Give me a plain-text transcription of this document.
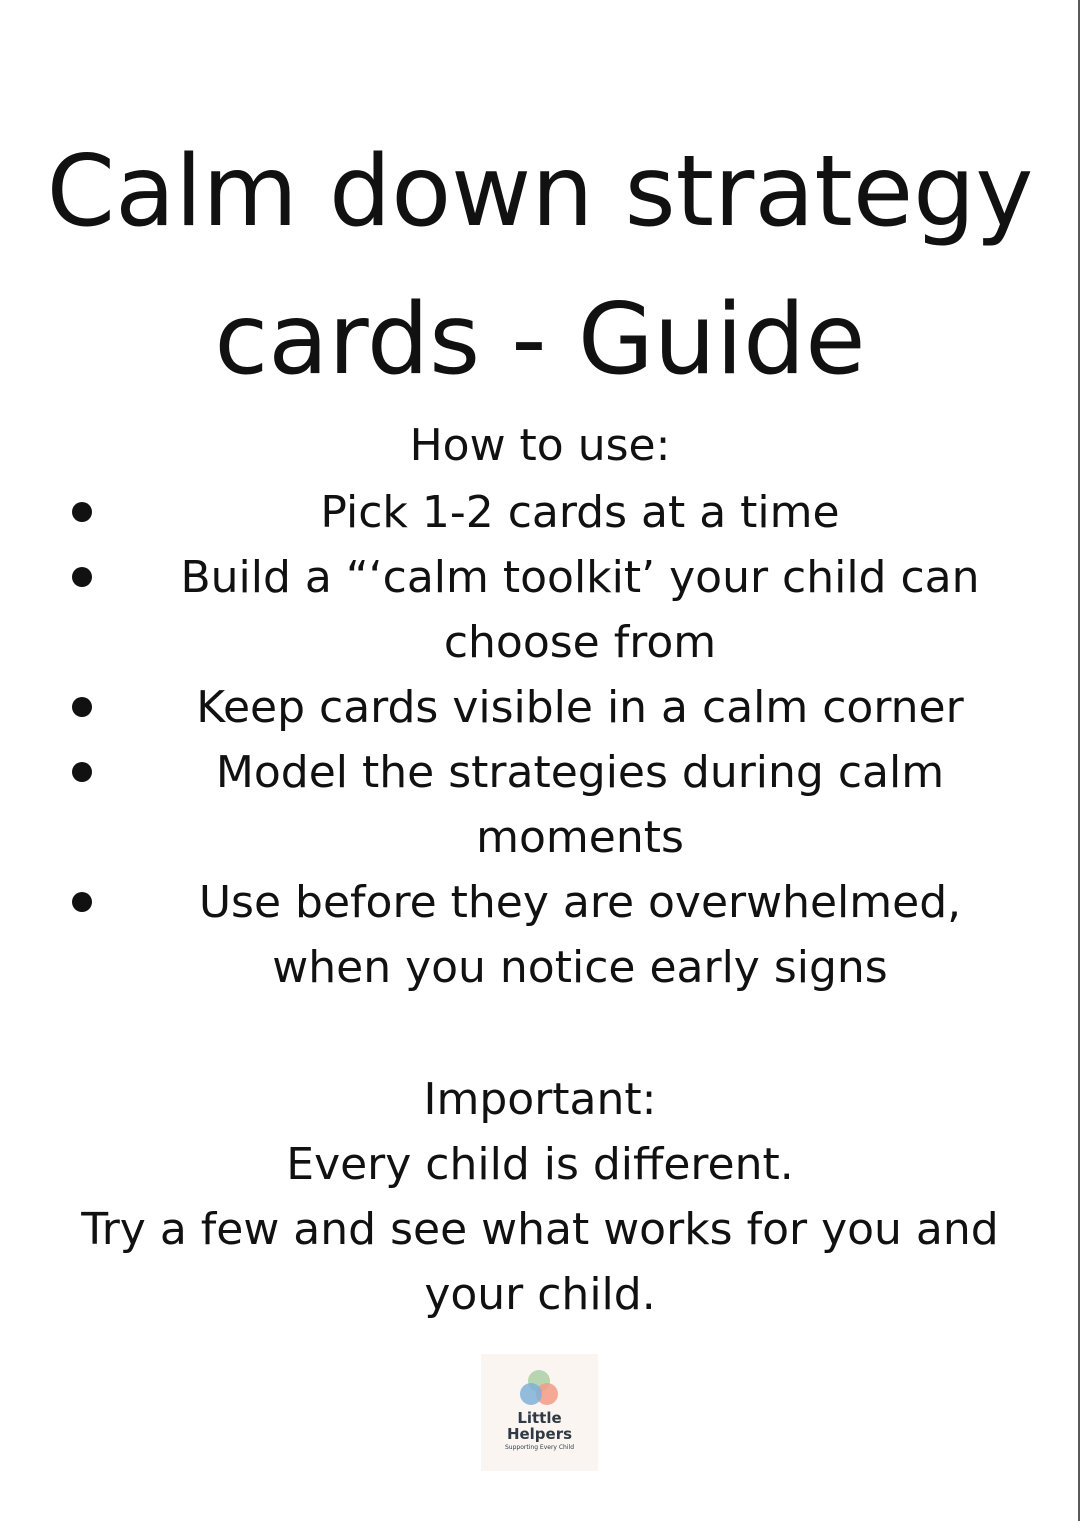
Calm down strategy
cards - Guide
How to use:
Pick 1-2 cards at a time
Build a “‘calm toolkit’ your child can
choose from
Keep cards visible in a calm corner
Model the strategies during calm
moments
Use before they are overwhelmed,
when you notice early signs
Important:
Every child is different.
Try a few and see what works for you and
your child.
Little
Helpers
Supporting Every Child
